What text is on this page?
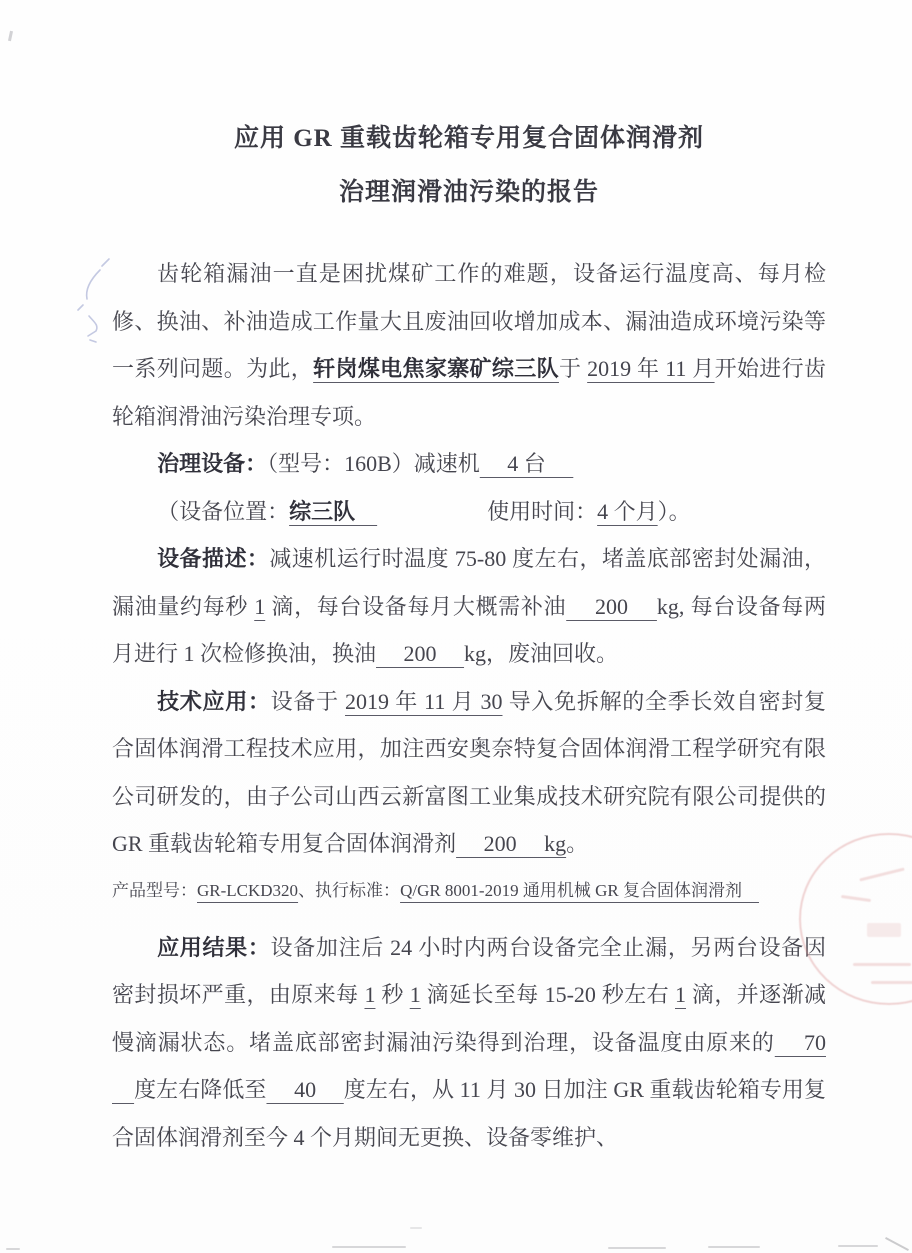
应用 GR 重载齿轮箱专用复合固体润滑剂
治理润滑油污染的报告

齿轮箱漏油一直是困扰煤矿工作的难题，设备运行温度高、每月检修、换油、补油造成工作量大且废油回收增加成本、漏油造成环境污染等一系列问题。为此，轩岗煤电焦家寨矿综三队于 2019 年 11 月开始进行齿轮箱润滑油污染治理专项。

治理设备：（型号：160B）减速机　 4 台 　

（设备位置：综三队　　　　　　使用时间：4 个月）。

设备描述：减速机运行时温度 75-80 度左右，堵盖底部密封处漏油，漏油量约每秒 1 滴，每台设备每月大概需补油　 200 　kg, 每台设备每两月进行 1 次检修换油，换油　 200 　kg，废油回收。

技术应用：设备于 2019 年 11 月 30 导入免拆解的全季长效自密封复合固体润滑工程技术应用，加注西安奥奈特复合固体润滑工程学研究有限公司研发的，由子公司山西云新富图工业集成技术研究院有限公司提供的 GR 重载齿轮箱专用复合固体润滑剂　 200 　kg。

产品型号：GR-LCKD320、执行标准：Q/GR 8001-2019 通用机械 GR 复合固体润滑剂　

应用结果：设备加注后 24 小时内两台设备完全止漏，另两台设备因密封损坏严重，由原来每 1 秒 1 滴延长至每 15-20 秒左右 1 滴，并逐渐减慢滴漏状态。堵盖底部密封漏油污染得到治理，设备温度由原来的　 70 　度左右降低至　 40 　度左右，从 11 月 30 日加注 GR 重载齿轮箱专用复合固体润滑剂至今 4 个月期间无更换、设备零维护、
